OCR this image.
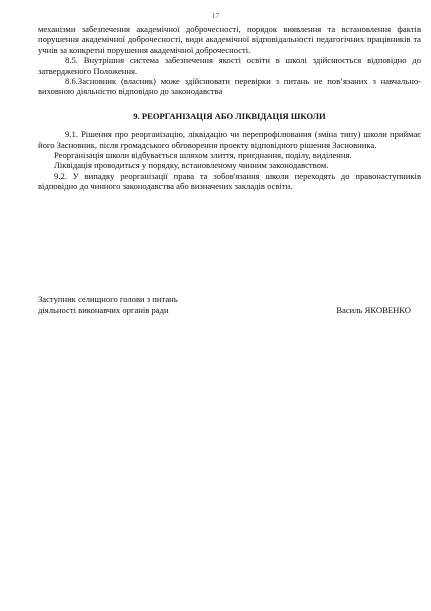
17

механізми забезпечення академічної доброчесності, порядок виявлення та встановлення фактів порушення академічної доброчесності, види академічної відповідальності педагогічних працівників та учнів за конкретні порушення академічної доброчесності.

8.5. Внутрішня система забезпечення якості освіти в школі здійснюється відповідно до затвердженого Положення.

8.6.Засновник (власник) може здійснювати перевірки з питань не пов’язаних з навчально-виховною діяльністю відповідно до законодавства

9. РЕОРГАНІЗАЦІЯ АБО ЛІКВІДАЦІЯ ШКОЛИ

9.1. Рішення про реорганізацію, ліквідацію чи перепрофілювання (зміна типу) школи приймає його Засновник, після громадського обговорення проекту відповідного рішення Засновника.

Реорганізація школи відбувається шляхом злиття, приєднання, поділу, виділення.

Ліквідація проводиться у порядку, встановленому чинним законодавством.

9.2. У випадку реорганізації права та зобов'язання школи переходять до правонаступників відповідно до чинного законодавства або визначених закладів освіти.

Заступник селищного голови з питань
діяльності виконавчих органів ради	Василь ЯКОВЕНКО
